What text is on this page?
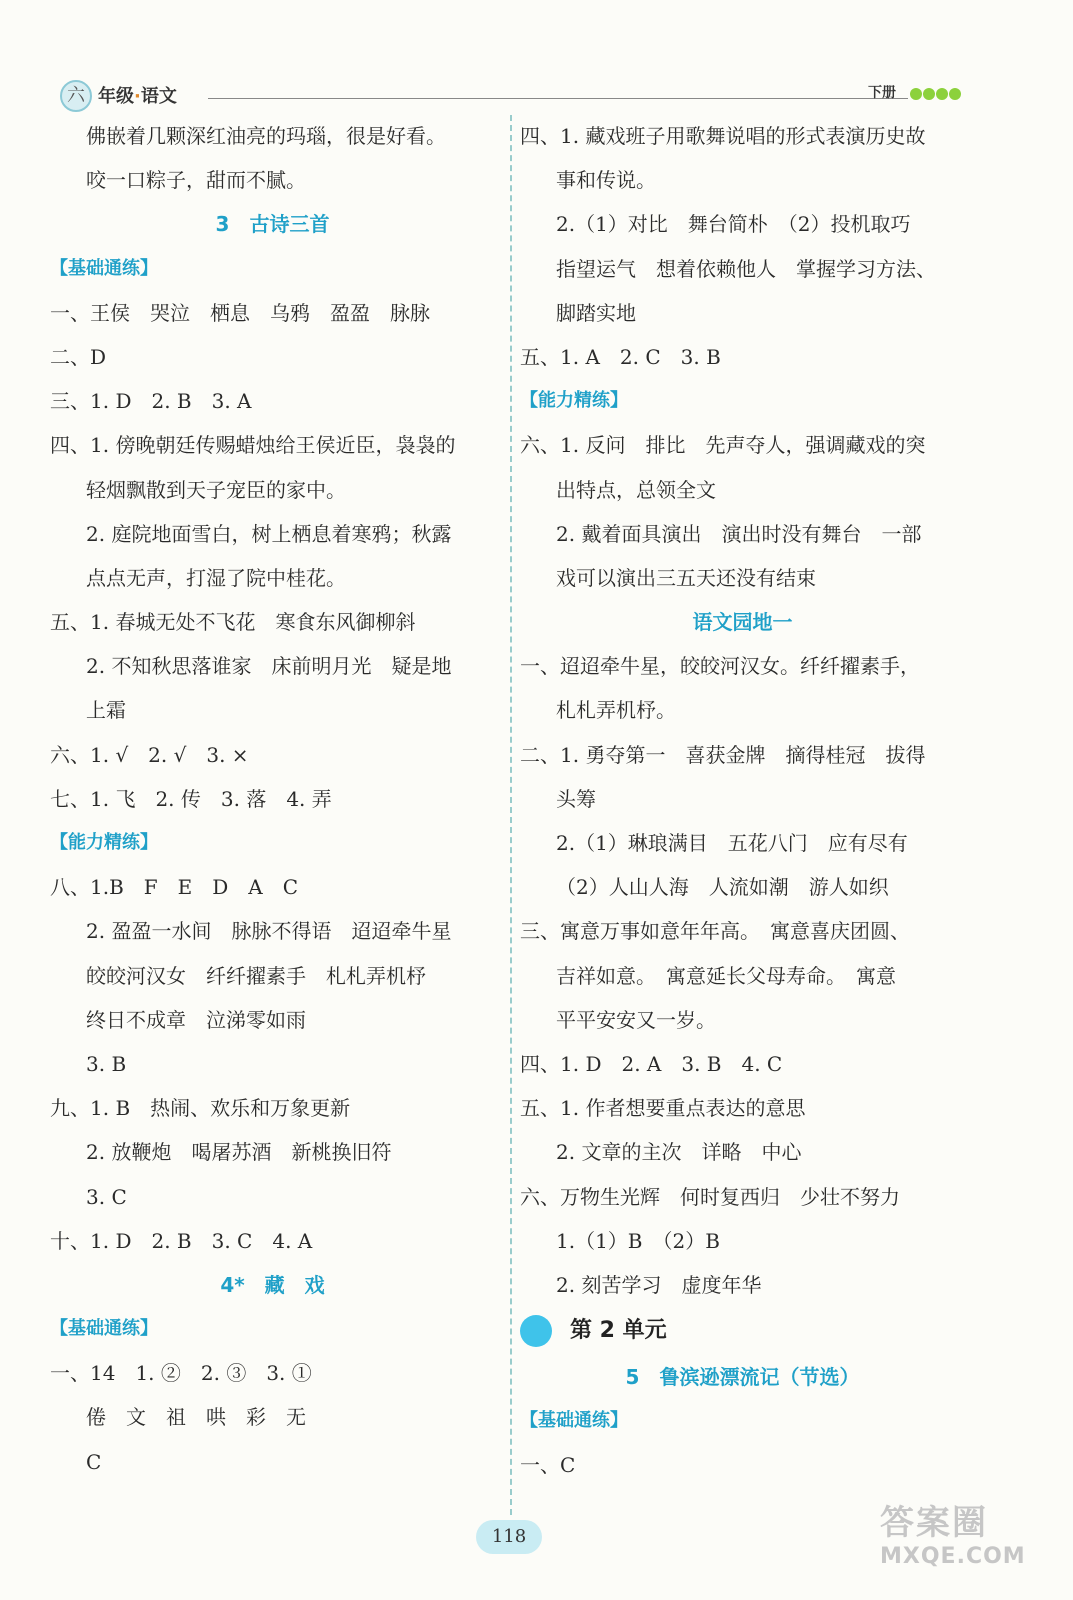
六 年级·语文	下册
佛嵌着几颗深红油亮的玛瑙，很是好看。
咬一口粽子，甜而不腻。
3　古诗三首
【基础通练】
一、王侯　哭泣　栖息　乌鸦　盈盈　脉脉
二、D
三、1. D　2. B　3. A
四、1. 傍晚朝廷传赐蜡烛给王侯近臣，袅袅的
轻烟飘散到天子宠臣的家中。
2. 庭院地面雪白，树上栖息着寒鸦；秋露
点点无声，打湿了院中桂花。
五、1. 春城无处不飞花　寒食东风御柳斜
2. 不知秋思落谁家　床前明月光　疑是地
上霜
六、1. √　2. √　3. ×
七、1. 飞　2. 传　3. 落　4. 弄
【能力精练】
八、1.B　F　E　D　A　C
2. 盈盈一水间　脉脉不得语　迢迢牵牛星
皎皎河汉女　纤纤擢素手　札札弄机杼
终日不成章　泣涕零如雨
3. B
九、1. B　热闹、欢乐和万象更新
2. 放鞭炮　喝屠苏酒　新桃换旧符
3. C
十、1. D　2. B　3. C　4. A
4*　藏　戏
【基础通练】
一、14　1. ②　2. ③　3. ①
倦　文　祖　哄　彩　无
C
四、1. 藏戏班子用歌舞说唱的形式表演历史故
事和传说。
2.（1）对比　舞台简朴　（2）投机取巧
指望运气　想着依赖他人　掌握学习方法、
脚踏实地
五、1. A　2. C　3. B
【能力精练】
六、1. 反问　排比　先声夺人，强调藏戏的突
出特点，总领全文
2. 戴着面具演出　演出时没有舞台　一部
戏可以演出三五天还没有结束
语文园地一
一、迢迢牵牛星，皎皎河汉女。纤纤擢素手，
札札弄机杼。
二、1. 勇夺第一　喜获金牌　摘得桂冠　拔得
头筹
2.（1）琳琅满目　五花八门　应有尽有
（2）人山人海　人流如潮　游人如织
三、寓意万事如意年年高。　寓意喜庆团圆、
吉祥如意。　寓意延长父母寿命。　寓意
平平安安又一岁。
四、1. D　2. A　3. B　4. C
五、1. 作者想要重点表达的意思
2. 文章的主次　详略　中心
六、万物生光辉　何时复西归　少壮不努力
1.（1）B　（2）B
2. 刻苦学习　虚度年华
第 2 单元
5　鲁滨逊漂流记（节选）
【基础通练】
一、C
118	答案圈
MXQE.COM
